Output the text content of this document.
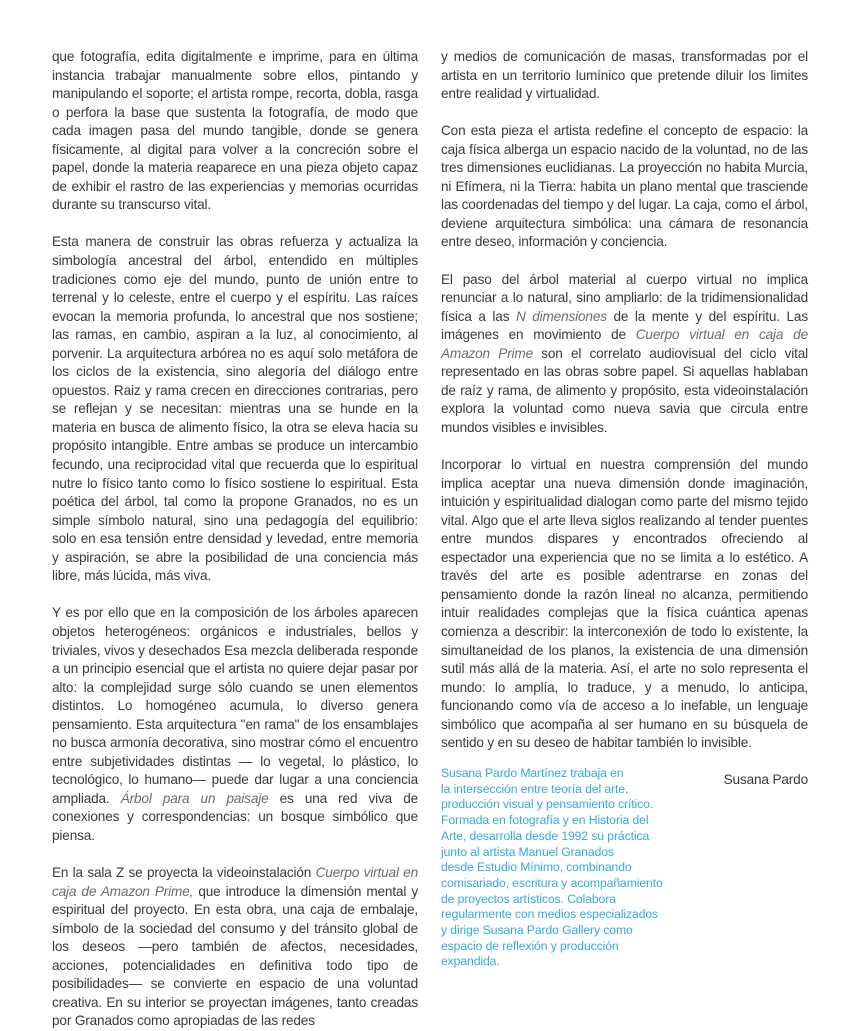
que fotografía, edita digitalmente e imprime, para en última instancia trabajar manualmente sobre ellos, pintando y manipulando el soporte; el artista rompe, recorta, dobla, rasga o perfora la base que sustenta la fotografía, de modo que cada imagen pasa del mundo tangible, donde se genera físicamente, al digital para volver a la concreción sobre el papel, donde la materia reaparece en una pieza objeto capaz de exhibir el rastro de las experiencias y memorias ocurridas durante su transcurso vital.

Esta manera de construir las obras refuerza y actualiza la simbología ancestral del árbol, entendido en múltiples tradiciones como eje del mundo, punto de unión entre to terrenal y lo celeste, entre el cuerpo y el espíritu. Las raíces evocan la memoria profunda, lo ancestral que nos sostiene; las ramas, en cambio, aspiran a la luz, al conocimiento, al porvenir. La arquitectura arbórea no es aquí solo metáfora de los ciclos de la existencia, sino alegoría del diálogo entre opuestos. Raiz y rama crecen en direcciones contrarias, pero se reflejan y se necesitan: mientras una se hunde en la materia en busca de alimento físico, la otra se eleva hacia su propósito intangible. Entre ambas se produce un intercambio fecundo, una reciprocidad vital que recuerda que lo espiritual nutre lo físico tanto como lo físico sostiene lo espiritual. Esta poética del árbol, tal como la propone Granados, no es un simple símbolo natural, sino una pedagogía del equilibrio: solo en esa tensión entre densidad y levedad, entre memoria y aspiración, se abre la posibilidad de una conciencia más libre, más lúcida, más viva.

Y es por ello que en la composición de los árboles aparecen objetos heterogéneos: orgánicos e industriales, bellos y triviales, vivos y desechados Esa mezcla deliberada responde a un principio esencial que el artista no quiere dejar pasar por alto: la complejidad surge sólo cuando se unen elementos distintos. Lo homogéneo acumula, lo diverso genera pensamiento. Esta arquitectura "en rama" de los ensamblajes no busca armonía decorativa, sino mostrar cómo el encuentro entre subjetividades distintas — lo vegetal, lo plástico, lo tecnológico, lo humano— puede dar lugar a una conciencia ampliada. Árbol para un paisaje es una red viva de conexiones y correspondencias: un bosque simbólico que piensa.

En la sala Z se proyecta la videoinstalación Cuerpo virtual en caja de Amazon Prime, que introduce la dimensión mental y espiritual del proyecto. En esta obra, una caja de embalaje, símbolo de la sociedad del consumo y del tránsito global de los deseos —pero también de afectos, necesidades, acciones, potencialidades en definitiva todo tipo de posibilidades— se convierte en espacio de una voluntad creativa. En su interior se proyectan imágenes, tanto creadas por Granados como apropiadas de las redes

y medios de comunicación de masas, transformadas por el artista en un territorio lumínico que pretende diluir los limites entre realidad y virtualidad.

Con esta pieza el artista redefine el concepto de espacio: la caja física alberga un espacio nacido de la voluntad, no de las tres dimensiones euclidianas. La proyección no habita Murcia, ni Efímera, ni la Tierra: habita un plano mental que trasciende las coordenadas del tiempo y del lugar. La caja, como el árbol, deviene arquitectura simbólica: una cámara de resonancia entre deseo, información y conciencia.

El paso del árbol material al cuerpo virtual no implica renunciar a lo natural, sino ampliarlo: de la tridimensionalidad física a las N dimensiones de la mente y del espíritu. Las imágenes en movimiento de Cuerpo virtual en caja de Amazon Prime son el correlato audiovisual del ciclo vital representado en las obras sobre papel. Si aquellas hablaban de raíz y rama, de alimento y propósito, esta videoinstalación explora la voluntad como nueva savia que circula entre mundos visibles e invisibles.

Incorporar lo virtual en nuestra comprensión del mundo implica aceptar una nueva dimensión donde imaginación, intuición y espiritualidad dialogan como parte del mismo tejido vital. Algo que el arte lleva siglos realizando al tender puentes entre mundos dispares y encontrados ofreciendo al espectador una experiencia que no se limita a lo estético. A través del arte es posible adentrarse en zonas del pensamiento donde la razón lineal no alcanza, permitiendo intuir realidades complejas que la física cuántica apenas comienza a describir: la interconexión de todo lo existente, la simultaneidad de los planos, la existencia de una dimensión sutil más allá de la materia. Así, el arte no solo representa el mundo: lo amplía, lo traduce, y a menudo, lo anticipa, funcionando como vía de acceso a lo inefable, un lenguaje simbólico que acompaña al ser humano en su búsquela de sentido y en su deseo de habitar también lo invisible.

Susana Pardo

Susana Pardo Martínez trabaja en
la intersección entre teoría del arte,
producción visual y pensamiento crítico.
Formada en fotografía y en Historia del
Arte, desarrolla desde 1992 su práctica
junto al artista Manuel Granados
desde Estudio Mínimo, combinando
comisariado, escritura y acompañamiento
de proyectos artísticos. Colabora
regularmente con medios especializados
y dirige Susana Pardo Gallery como
espacio de reflexión y producción
expandida.
